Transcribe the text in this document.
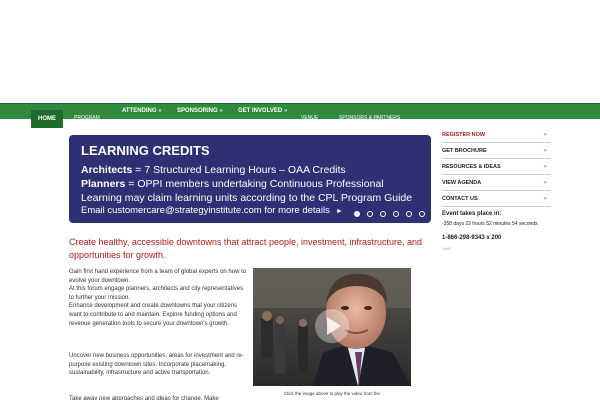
HOME	PROGRAM
ATTENDING »	SPONSORING »	GET INVOLVED »
VENUE	SPONSORS & PARTNERS
LEARNING CREDITS
Architects = 7 Structured Learning Hours – OAA Credits
Planners = OPPI members undertaking Continuous Professional
Learning may claim learning units according to the CPL Program Guide
Email customercare@strategyinstitute.com for more details ►
Create healthy, accessible downtowns that attract people, investment, infrastructure, and opportunities for growth.
Gain first hand experience from a team of global experts on how to evolve your downtown.
At this forum engage planners, architects and city representatives to further your mission.
Enhance development and create downtowns that your citizens want to contribute to and maintain. Explore funding options and revenue generation tools to secure your downtown's growth.
Uncover new business opportunities, areas for investment and re-purpose existing downtown sites. Incorporate placemaking, sustainability, infrastructure and active transportation.
Take away new approaches and ideas for change. Make
Click the image above to play the video from the
REGISTER NOW	»
GET BROCHURE	»
RESOURCES & IDEAS	»
VIEW AGENDA	»
CONTACT US	»
Event takes place in:
-358 days 22 hours 52 minutes 54 seconds
1-866-298-9343 x 200
SMS
